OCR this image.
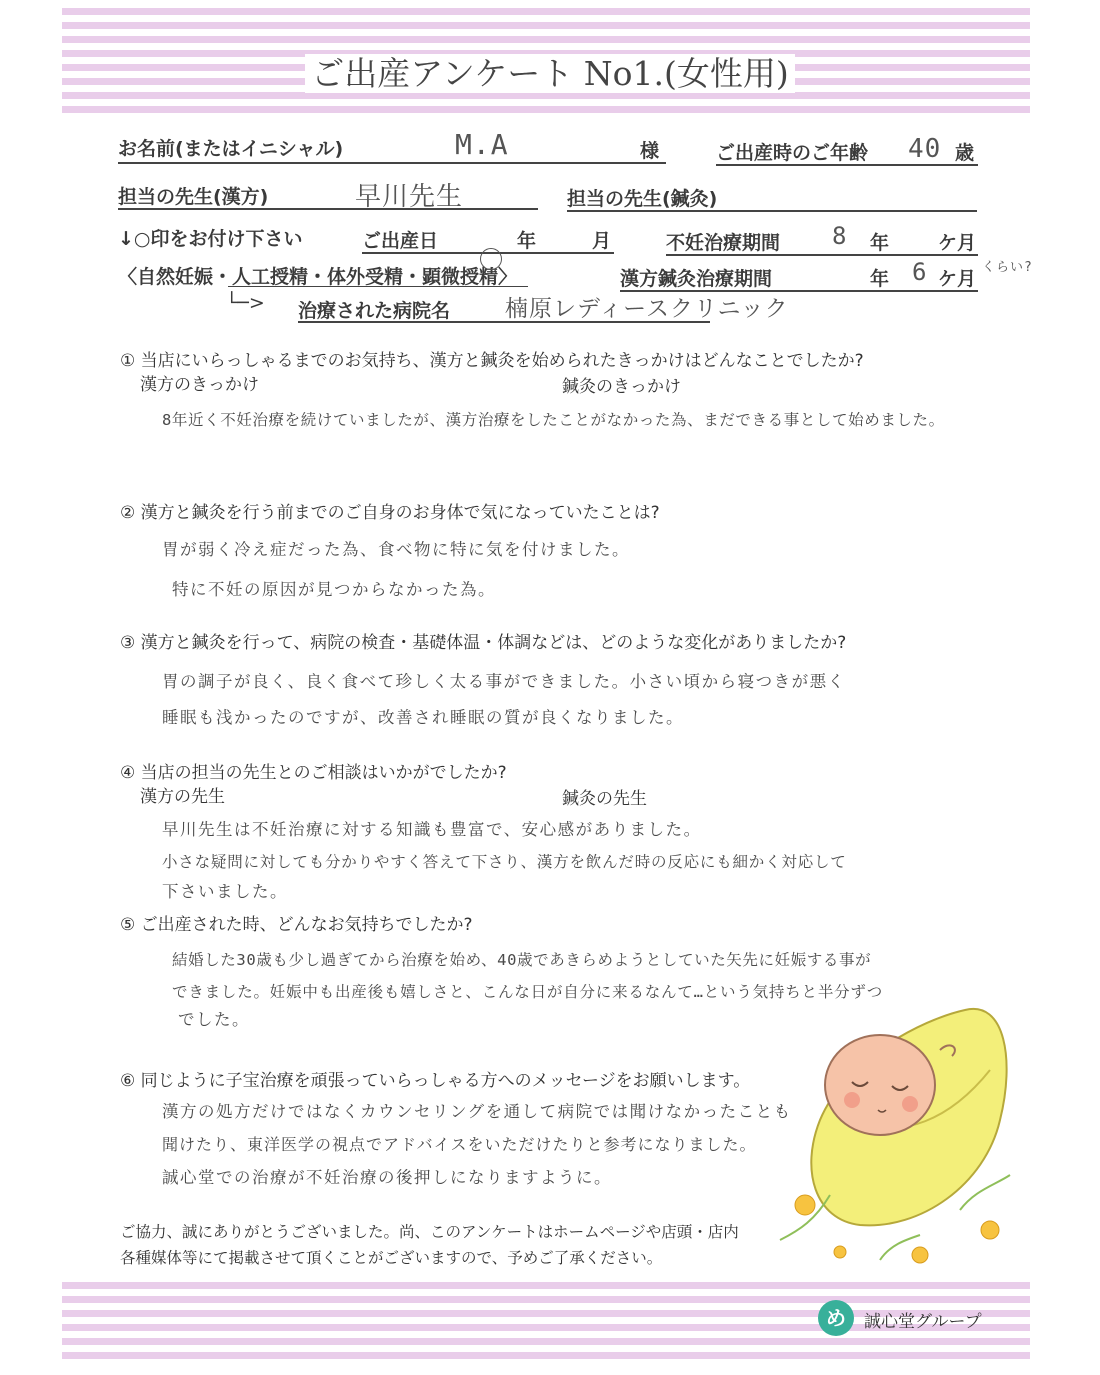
ご出産アンケート No1.(女性用)
お名前(またはイニシャル)	M.A	様	ご出産時のご年齢 40 歳
担当の先生(漢方)	早川先生	担当の先生(鍼灸)
↓○印をお付け下さい	ご出産日	年	月	不妊治療期間 8 年	ケ月
〈自然妊娠・人工授精・体外受精・顕微授精〉	漢方鍼灸治療期間	年 6 ケ月
くらい?
└─> 治療された病院名 楠原レディースクリニック
① 当店にいらっしゃるまでのお気持ち、漢方と鍼灸を始められたきっかけはどんなことでしたか?
漢方のきっかけ	鍼灸のきっかけ
8年近く不妊治療を続けていましたが、漢方治療をしたことがなかった為、まだできる事として始めました。
② 漢方と鍼灸を行う前までのご自身のお身体で気になっていたことは?
胃が弱く冷え症だった為、食べ物に特に気を付けました。
特に不妊の原因が見つからなかった為。
③ 漢方と鍼灸を行って、病院の検査・基礎体温・体調などは、どのような変化がありましたか?
胃の調子が良く、良く食べて珍しく太る事ができました。小さい頃から寝つきが悪く
睡眠も浅かったのですが、改善され睡眠の質が良くなりました。
④ 当店の担当の先生とのご相談はいかがでしたか?
漢方の先生	鍼灸の先生
早川先生は不妊治療に対する知識も豊富で、安心感がありました。
小さな疑問に対しても分かりやすく答えて下さり、漢方を飲んだ時の反応にも細かく対応して
下さいました。
⑤ ご出産された時、どんなお気持ちでしたか?
結婚した30歳も少し過ぎてから治療を始め、40歳であきらめようとしていた矢先に妊娠する事が
できました。妊娠中も出産後も嬉しさと、こんな日が自分に来るなんて…という気持ちと半分ずつ
でした。
⑥ 同じように子宝治療を頑張っていらっしゃる方へのメッセージをお願いします。
漢方の処方だけではなくカウンセリングを通して病院では聞けなかったことも
聞けたり、東洋医学の視点でアドバイスをいただけたりと参考になりました。
誠心堂での治療が不妊治療の後押しになりますように。
ご協力、誠にありがとうございました。尚、このアンケートはホームページや店頭・店内
各種媒体等にて掲載させて頂くことがございますので、予めご了承ください。
め	誠心堂グループ
